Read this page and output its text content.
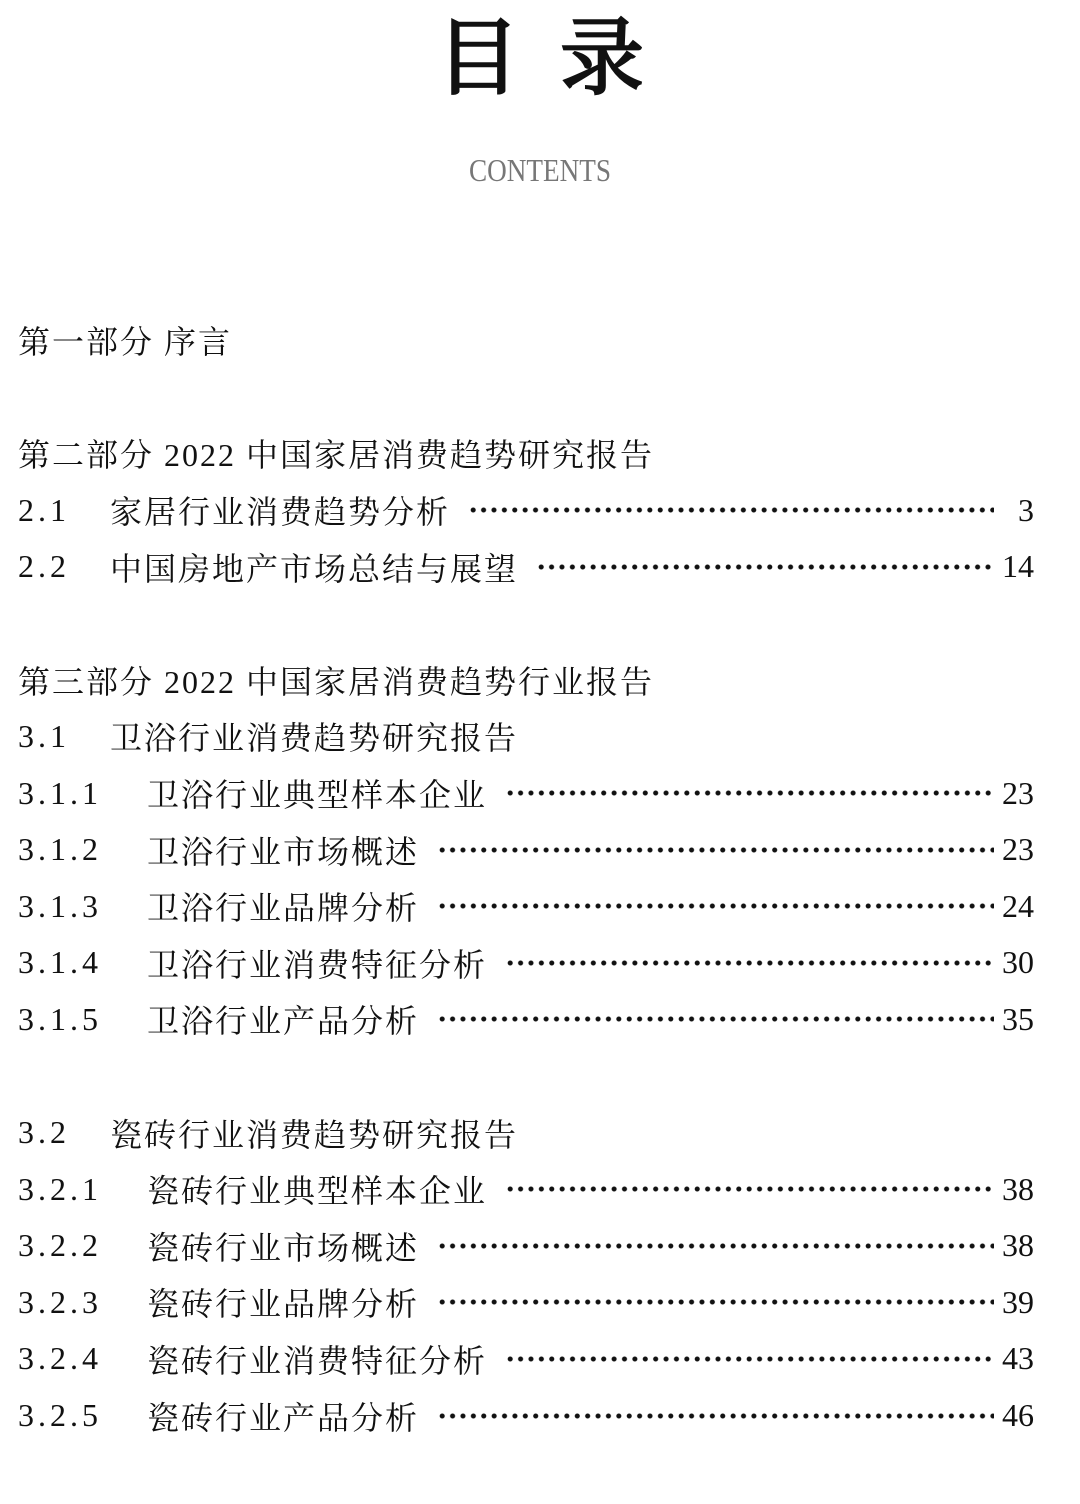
目录
CONTENTS
第一部分 序言
第二部分 2022 中国家居消费趋势研究报告
2.1	家居行业消费趋势分析	3
2.2	中国房地产市场总结与展望	14
第三部分 2022 中国家居消费趋势行业报告
3.1	卫浴行业消费趋势研究报告
3.1.1	卫浴行业典型样本企业	23
3.1.2	卫浴行业市场概述	23
3.1.3	卫浴行业品牌分析	24
3.1.4	卫浴行业消费特征分析	30
3.1.5	卫浴行业产品分析	35
3.2	瓷砖行业消费趋势研究报告
3.2.1	瓷砖行业典型样本企业	38
3.2.2	瓷砖行业市场概述	38
3.2.3	瓷砖行业品牌分析	39
3.2.4	瓷砖行业消费特征分析	43
3.2.5	瓷砖行业产品分析	46
